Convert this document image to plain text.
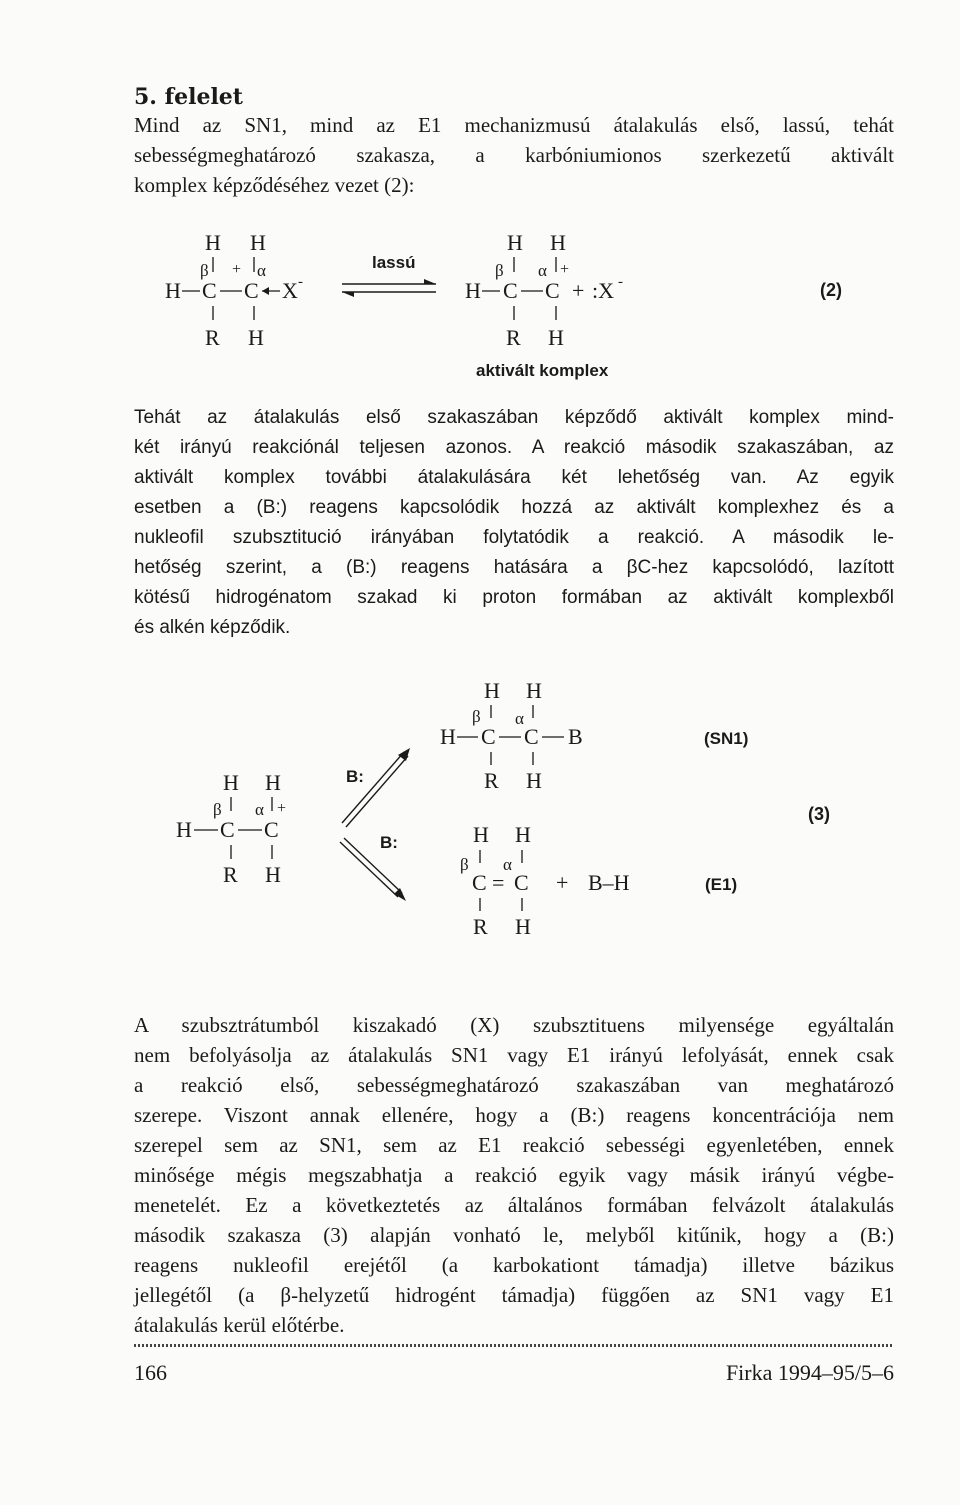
5. felelet

Mind az SN1, mind az E1 mechanizmusú átalakulás első, lassú, tehát
sebességmeghatározó szakasza, a karbóniumionos szerkezetű aktivált
komplex képződéséhez vezet (2):

H H
β + α
H C C X -
R H
lassú
H H
β α +
H C C + :X -
R H
(2)
aktivált komplex

Tehát az átalakulás első szakaszában képződő aktivált komplex mind-
két irányú reakciónál teljesen azonos. A reakció második szakaszában, az
aktivált komplex további átalakulására két lehetőség van. Az egyik
esetben a (B:) reagens kapcsolódik hozzá az aktivált komplexhez és a
nukleofil szubsztitució irányában folytatódik a reakció. A második le-
hetőség szerint, a (B:) reagens hatására a βC-hez kapcsolódó, lazított
kötésű hidrogénatom szakad ki proton formában az aktivált komplexből
és alkén képződik.

H H
β α +
H C C
R H
B:
B:
H H
β α
H C C B
R H
(SN1)
H H
β α
C = C + B–H
R H
(E1)
(3)

A szubsztrátumból kiszakadó (X) szubsztituens milyensége egyáltalán
nem befolyásolja az átalakulás SN1 vagy E1 irányú lefolyását, ennek csak
a reakció első, sebességmeghatározó szakaszában van meghatározó
szerepe. Viszont annak ellenére, hogy a (B:) reagens koncentrációja nem
szerepel sem az SN1, sem az E1 reakció sebességi egyenletében, ennek
minősége mégis megszabhatja a reakció egyik vagy másik irányú végbe-
menetelét. Ez a következtetés az általános formában felvázolt átalakulás
második szakasza (3) alapján vonható le, melyből kitűnik, hogy a (B:)
reagens nukleofil erejétől (a karbokationt támadja) illetve bázikus
jellegétől (a β-helyzetű hidrogént támadja) függően az SN1 vagy E1
átalakulás kerül előtérbe.

166	Firka 1994–95/5–6
